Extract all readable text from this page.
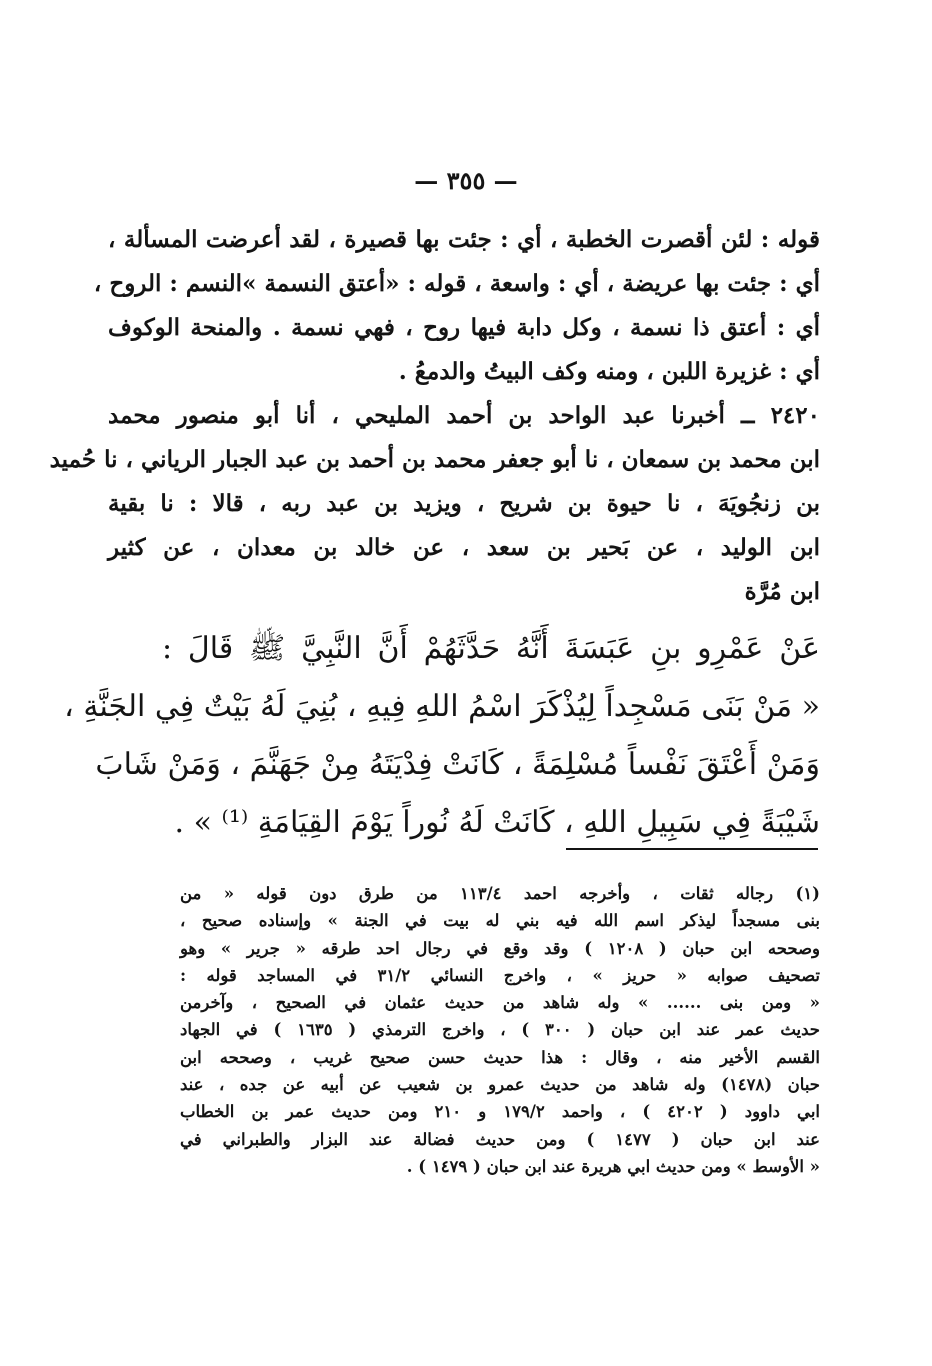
— ٣٥٥ —
قوله : لئن أقصرت الخطبة ، أي : جئت بها قصيرة ، لقد أعرضت المسألة ،
أي : جئت بها عريضة ، أي : واسعة ، قوله : «أعتق النسمة »النسم : الروح ،
أي : أعتق ذا نسمة ، وكل دابة فيها روح ، فهي نسمة . والمنحة الوكوف
أي : غزيرة اللبن ، ومنه وكف البيتُ والدمعُ .
٢٤٢٠ ــ أخبرنا عبد الواحد بن أحمد المليحي ، أنا أبو منصور محمد
ابن محمد بن سمعان ، نا أبو جعفر محمد بن أحمد بن عبد الجبار الرياني ، نا حُميد
بن زنجُويَهَ ، نا حيوة بن شريح ، ويزيد بن عبد ربه ، قالا : نا بقية
ابن الوليد ، عن بَحير بن سعد ، عن خالد بن معدان ، عن كثير
ابن مُرَّة
عَنْ عَمْرِو بنِ عَبَسَةَ أَنَّهُ حَدَّثَهُمْ أَنَّ النَّبِيَّ ﷺ قَالَ :
« مَنْ بَنَى مَسْجِداً لِيُذْكَرَ اسْمُ اللهِ فِيهِ ، بُنِيَ لَهُ بَيْتٌ فِي الجَنَّةِ ،
وَمَنْ أَعْتَقَ نَفْساً مُسْلِمَةً ، كَانَتْ فِدْيَتَهُ مِنْ جَهَنَّمَ ، وَمَنْ شَابَ
شَيْبَةً فِي سَبِيلِ اللهِ ، كَانَتْ لَهُ نُوراً يَوْمَ القِيَامَةِ ⁽¹⁾ » .
(١) رجاله ثقات ، وأخرجه احمد ١١٣/٤ من طرق دون قوله « من
بنى مسجداً ليذكر اسم الله فيه بني له بيت في الجنة » وإسناده صحيح ،
وصححه ابن حبان ( ١٢٠٨ ) وقد وقع في رجال احد طرقه « جرير » وهو
تصحيف صوابه « حريز » ، واخرج النسائي ٣١/٢ في المساجد قوله :
« ومن بنى ...... » وله شاهد من حديث عثمان في الصحيح ، وآخرمن
حديث عمر عند ابن حبان ( ٣٠٠ ) ، واخرج الترمذي ( ١٦٣٥ ) في الجهاد
القسم الأخير منه ، وقال : هذا حديث حسن صحيح غريب ، وصححه ابن
حبان (١٤٧٨) وله شاهد من حديث عمرو بن شعيب عن أبيه عن جده ، عند
ابي داوود ( ٤٢٠٢ ) ، واحمد ١٧٩/٢ و ٢١٠ ومن حديث عمر بن الخطاب
عند ابن حبان ( ١٤٧٧ ) ومن حديث فضالة عند البزار والطبراني في
« الأوسط » ومن حديث ابي هريرة عند ابن حبان ( ١٤٧٩ ) .
